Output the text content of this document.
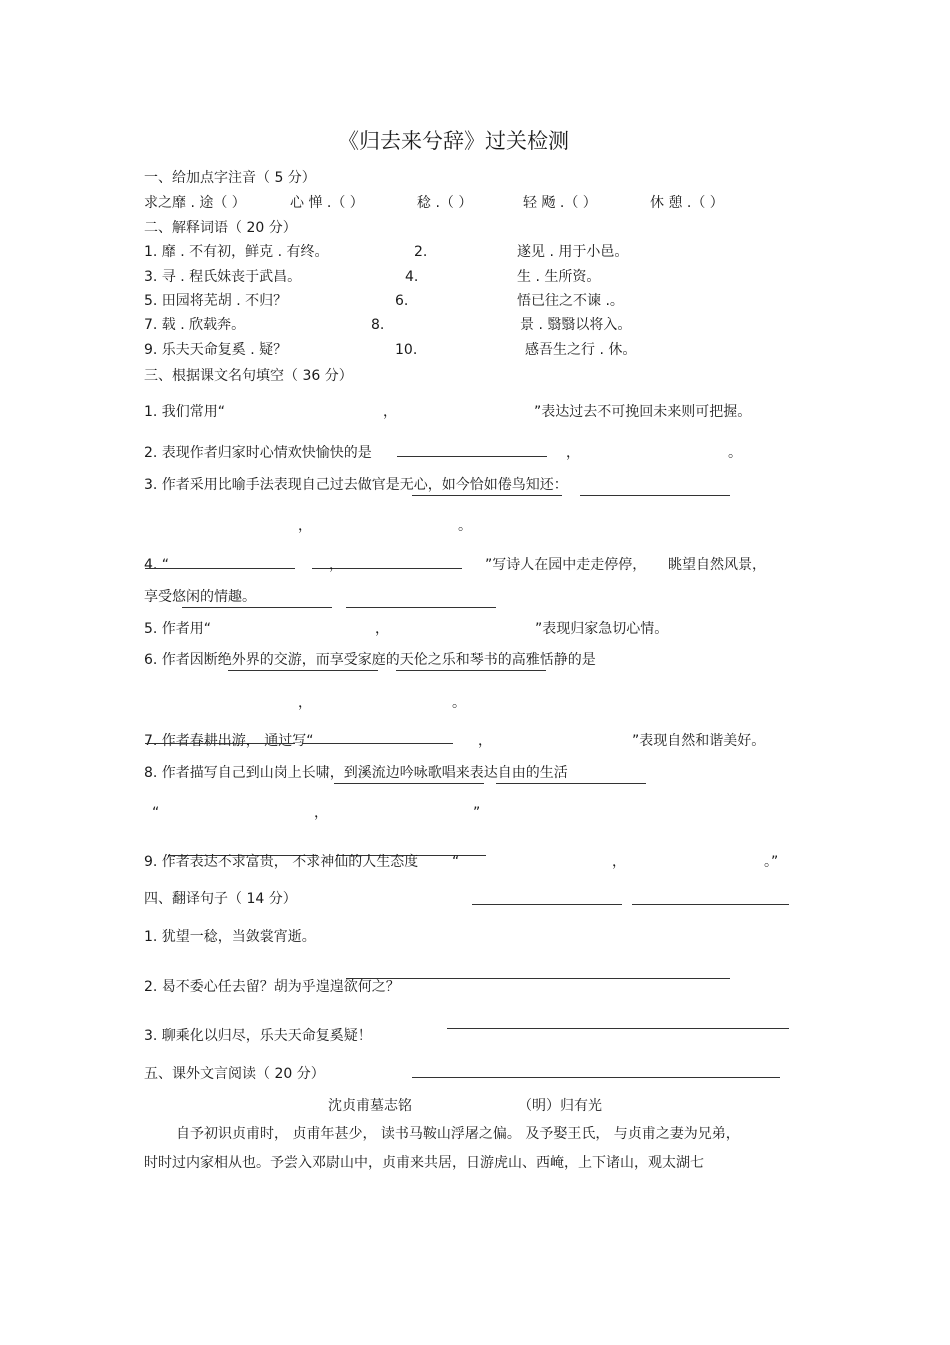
《归去来兮辞》过关检测
一、给加点字注音（ 5 分）
求之靡 . 途（ ）	心 惮 .（ ）	稔 .（ ）	轻 飏 .（ ）	休 憩 .（ ）
二、解释词语（ 20 分）
1. 靡 . 不有初，鲜克 . 有终。	2.	遂见 . 用于小邑。
3. 寻 . 程氏妹丧于武昌。	4.	生 . 生所资。
5. 田园将芜胡 . 不归？	6.	悟已往之不谏 .。
7. 载 . 欣载奔。	8.	景 . 翳翳以将入。
9. 乐夫天命复奚 . 疑？	10.	感吾生之行 . 休。
三、根据课文名句填空（ 36 分）
1. 我们常用“	，	”表达过去不可挽回未来则可把握。
2. 表现作者归家时心情欢快愉快的是	，	。
3. 作者采用比喻手法表现自己过去做官是无心，如今恰如倦鸟知还：
，	。
4. “	，	”写诗人在园中走走停停， 眺望自然风景，
享受悠闲的情趣。
5. 作者用“	，	”表现归家急切心情。
6. 作者因断绝外界的交游，而享受家庭的天伦之乐和琴书的高雅恬静的是
，	。
7. 作者春耕出游， 通过写“	，	”表现自然和谐美好。
8. 作者描写自己到山岗上长啸，到溪流边吟咏歌唱来表达自由的生活
“	，	”
9. 作者表达不求富贵， 不求神仙的人生态度 “	，	。”
四、翻译句子（ 14 分）
1. 犹望一稔，当敛裳宵逝。
2. 曷不委心任去留？胡为乎遑遑欲何之？
3. 聊乘化以归尽，乐夫天命复奚疑！
五、课外文言阅读（ 20 分）
沈贞甫墓志铭	（明）归有光
自予初识贞甫时， 贞甫年甚少， 读书马鞍山浮屠之偏。 及予娶王氏， 与贞甫之妻为兄弟，
时时过内家相从也。予尝入邓尉山中，贞甫来共居，日游虎山、西崦，上下诸山，观太湖七
